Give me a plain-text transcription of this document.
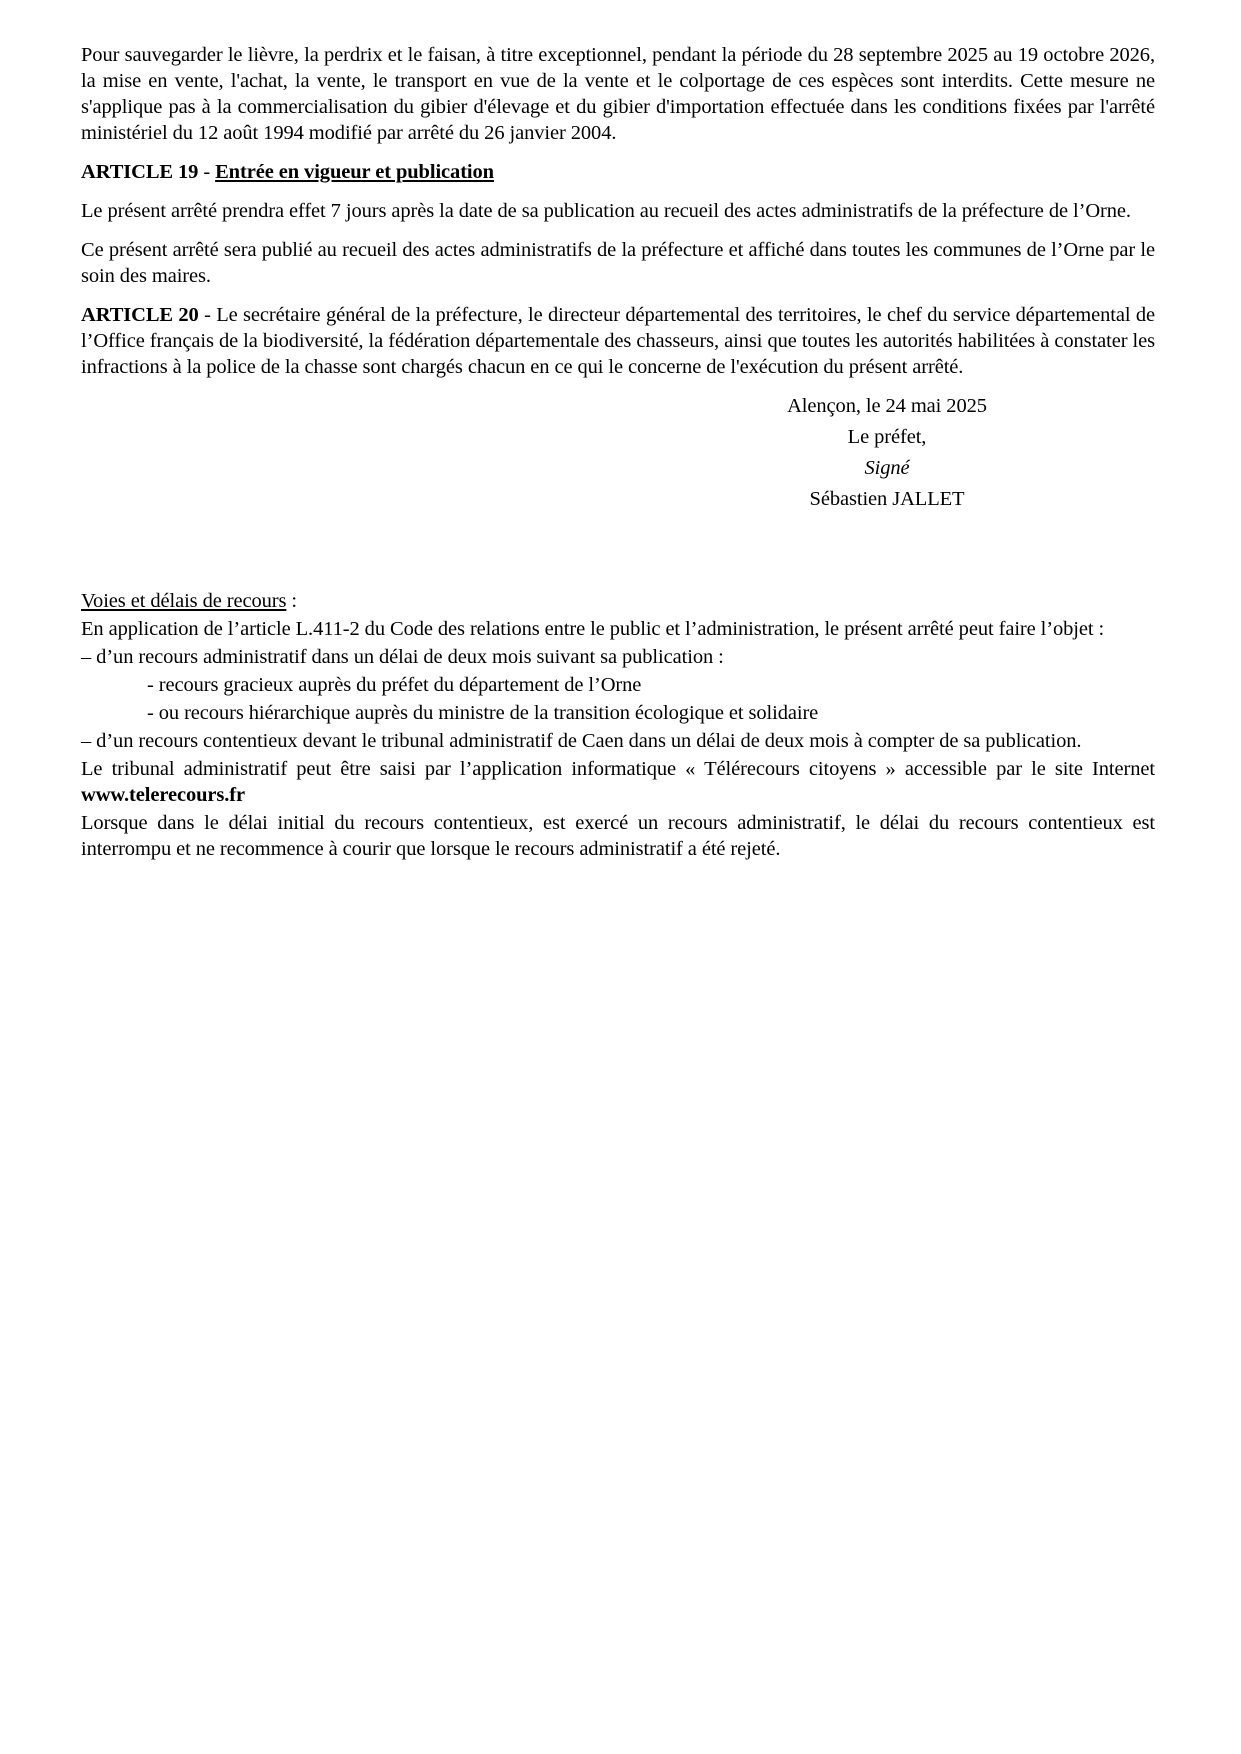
Pour sauvegarder le lièvre, la perdrix et le faisan, à titre exceptionnel, pendant la période du 28 septembre 2025 au 19 octobre 2026, la mise en vente, l'achat, la vente, le transport en vue de la vente et le colportage de ces espèces sont interdits. Cette mesure ne s'applique pas à la commercialisation du gibier d'élevage et du gibier d'importation effectuée dans les conditions fixées par l'arrêté ministériel du 12 août 1994 modifié par arrêté du 26 janvier 2004.

ARTICLE 19 - Entrée en vigueur et publication

Le présent arrêté prendra effet 7 jours après la date de sa publication au recueil des actes administratifs de la préfecture de l’Orne.

Ce présent arrêté sera publié au recueil des actes administratifs de la préfecture et affiché dans toutes les communes de l’Orne par le soin des maires.

ARTICLE 20 - Le secrétaire général de la préfecture, le directeur départemental des territoires, le chef du service départemental de l’Office français de la biodiversité, la fédération départementale des chasseurs, ainsi que toutes les autorités habilitées à constater les infractions à la police de la chasse sont chargés chacun en ce qui le concerne de l'exécution du présent arrêté.

Alençon, le 24 mai 2025
Le préfet,
Signé
Sébastien JALLET

Voies et délais de recours :

En application de l’article L.411-2 du Code des relations entre le public et l’administration, le présent arrêté peut faire l’objet :

– d’un recours administratif dans un délai de deux mois suivant sa publication :

- recours gracieux auprès du préfet du département de l’Orne

- ou recours hiérarchique auprès du ministre de la transition écologique et solidaire

– d’un recours contentieux devant le tribunal administratif de Caen dans un délai de deux mois à compter de sa publication.

Le tribunal administratif peut être saisi par l’application informatique « Télérecours citoyens » accessible par le site Internet www.telerecours.fr

Lorsque dans le délai initial du recours contentieux, est exercé un recours administratif, le délai du recours contentieux est interrompu et ne recommence à courir que lorsque le recours administratif a été rejeté.
